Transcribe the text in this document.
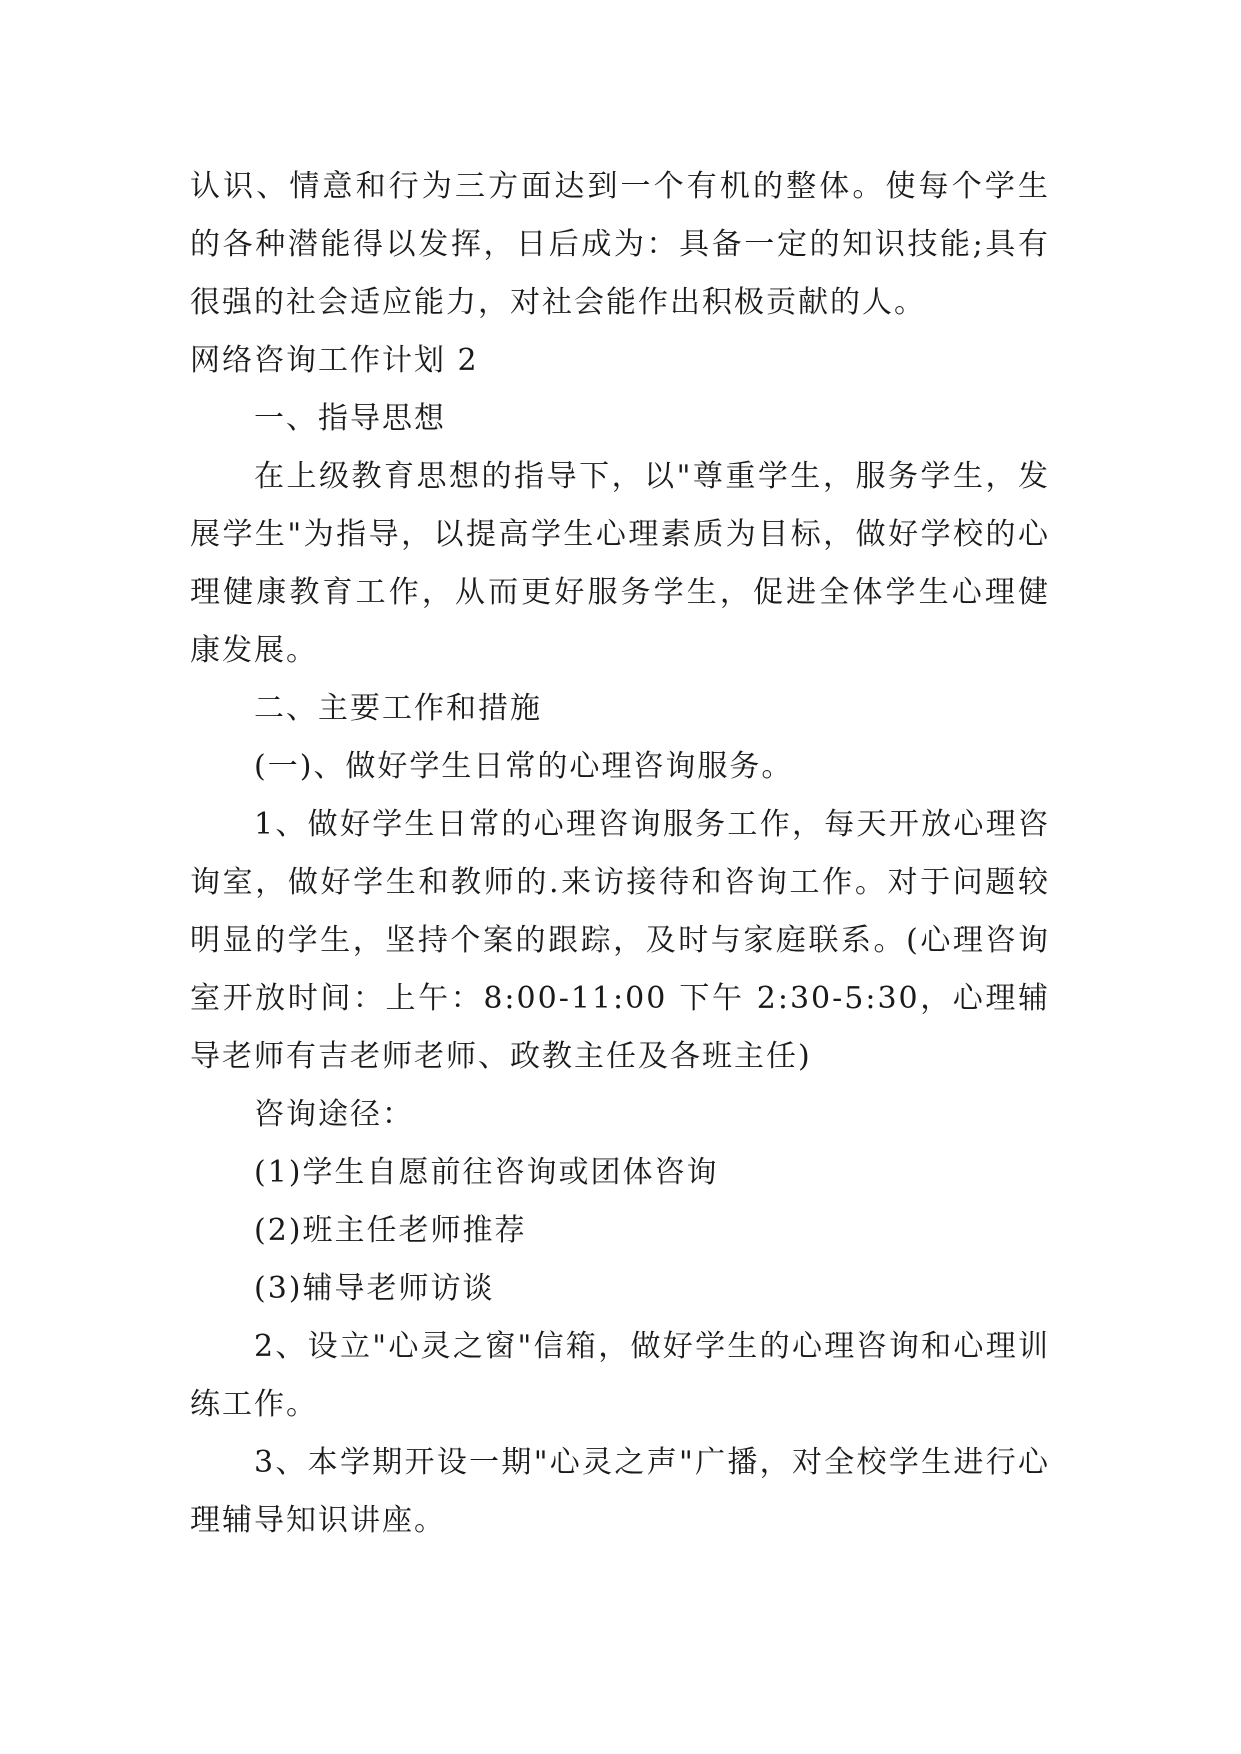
认识、情意和行为三方面达到一个有机的整体。使每个学生的各种潜能得以发挥，日后成为：具备一定的知识技能;具有很强的社会适应能力，对社会能作出积极贡献的人。

网络咨询工作计划 2

一、指导思想

在上级教育思想的指导下，以"尊重学生，服务学生，发展学生"为指导，以提高学生心理素质为目标，做好学校的心理健康教育工作，从而更好服务学生，促进全体学生心理健康发展。

二、主要工作和措施

(一)、做好学生日常的心理咨询服务。

1、做好学生日常的心理咨询服务工作，每天开放心理咨询室，做好学生和教师的.来访接待和咨询工作。对于问题较明显的学生，坚持个案的跟踪，及时与家庭联系。(心理咨询室开放时间：上午：8:00-11:00 下午 2:30-5:30，心理辅导老师有吉老师老师、政教主任及各班主任)

咨询途径：

(1)学生自愿前往咨询或团体咨询

(2)班主任老师推荐

(3)辅导老师访谈

2、设立"心灵之窗"信箱，做好学生的心理咨询和心理训练工作。

3、本学期开设一期"心灵之声"广播，对全校学生进行心理辅导知识讲座。
